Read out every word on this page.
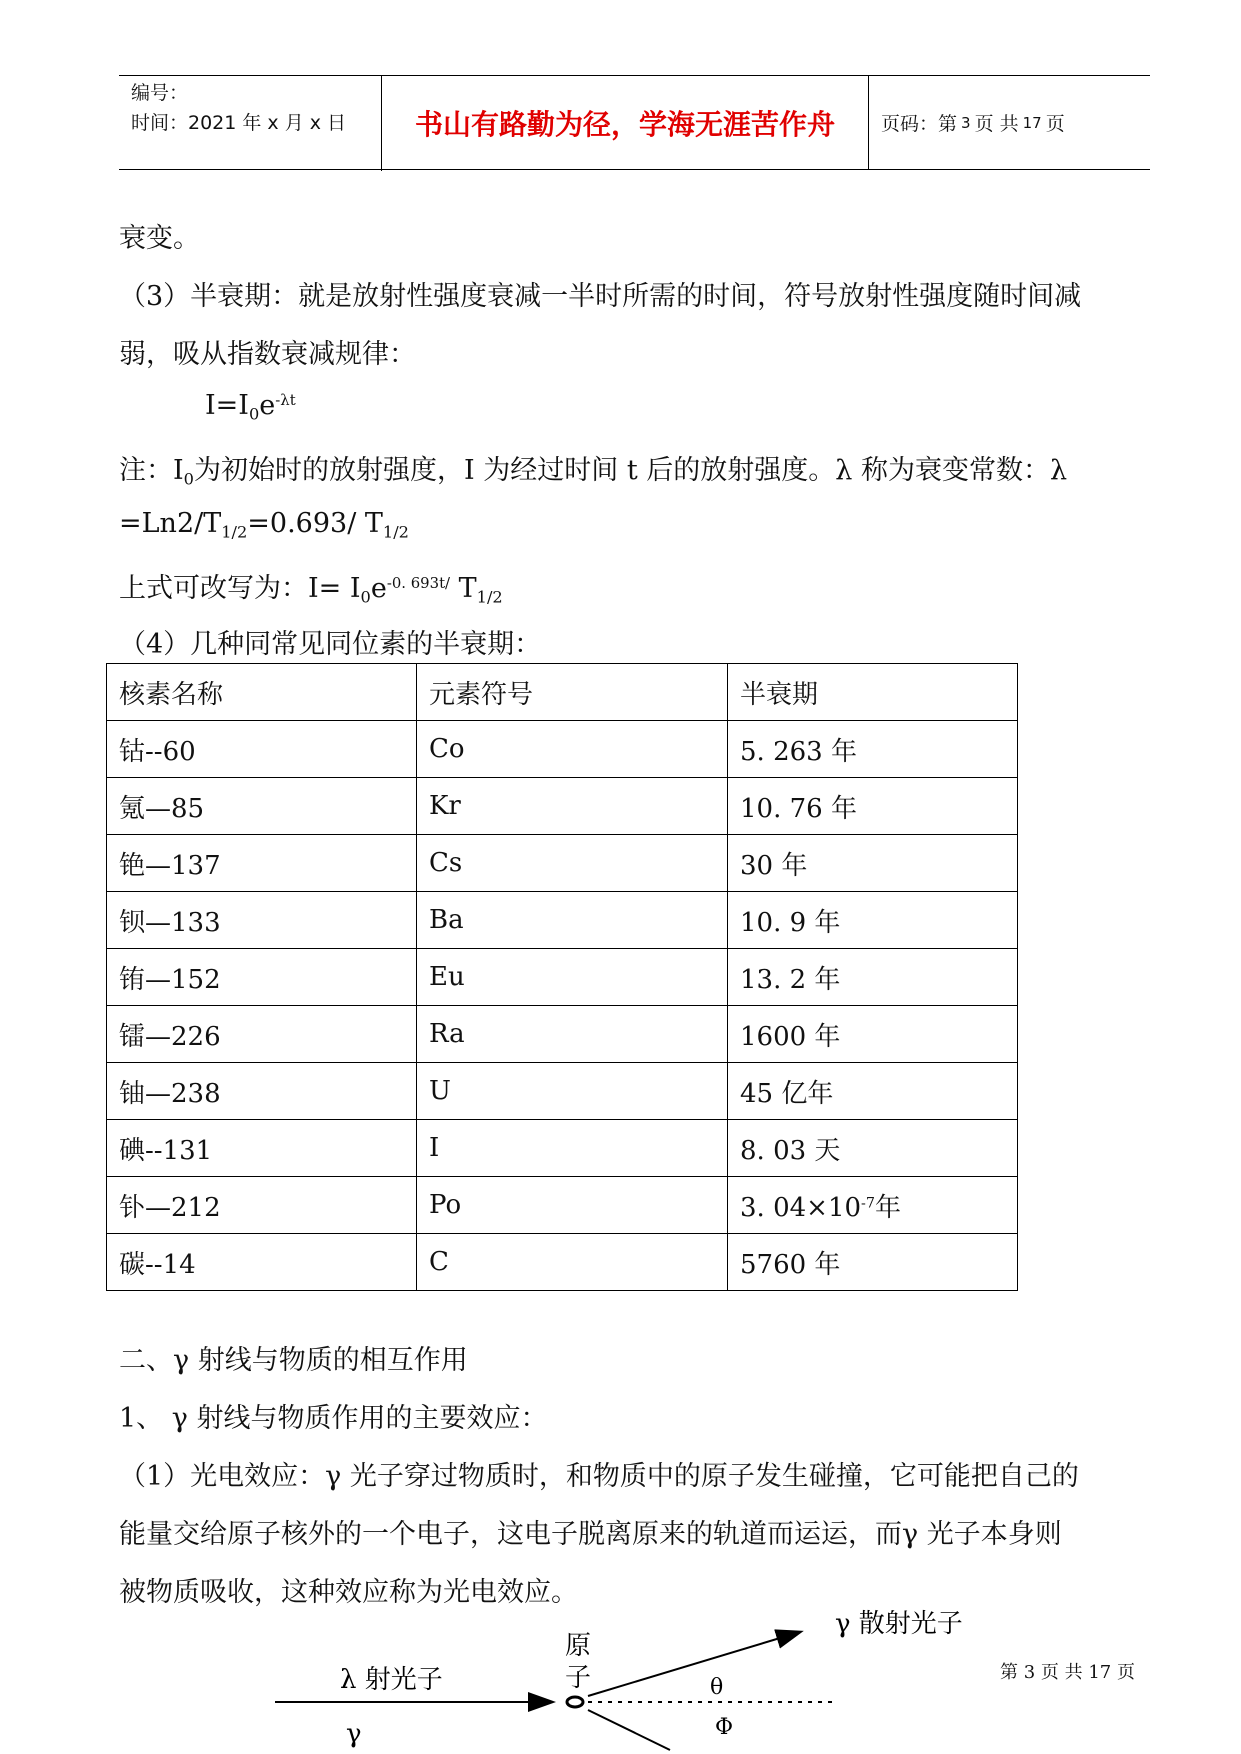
编号：
时间：2021 年 x 月 x 日	书山有路勤为径，学海无涯苦作舟	页码：第 3 页 共 17 页
衰变。
（3）半衰期：就是放射性强度衰减一半时所需的时间，符号放射性强度随时间减
弱，吸从指数衰减规律：
$I=I_0e^{-\lambda t}$
注：$I_0$为初始时的放射强度，I 为经过时间 t 后的放射强度。λ 称为衰变常数：λ
$=Ln2/T_{1/2}=0.693/$ $T_{1/2}$
上式可改写为：$I= I_0e^{-0. 693t/}$ $T_{1/2}$
（4）几种同常见同位素的半衰期：
核素名称	元素符号	半衰期
钴--60	Co	5. 263 年
氪—85	Kr	10. 76 年
铯—137	Cs	30 年
钡—133	Ba	10. 9 年
铕—152	Eu	13. 2 年
镭—226	Ra	1600 年
铀—238	U	45 亿年
碘--131	I	8. 03 天
钋—212	Po	3. $04\times 10^{-7}$年
碳--14	C	5760 年
二、γ 射线与物质的相互作用
1、 γ 射线与物质作用的主要效应：
（1）光电效应：γ 光子穿过物质时，和物质中的原子发生碰撞，它可能把自己的
能量交给原子核外的一个电子，这电子脱离原来的轨道而运运，而γ 光子本身则
被物质吸收，这种效应称为光电效应。
λ 射光子
γ
原
子
γ 散射光子
θ
Φ
第 3 页 共 17 页
